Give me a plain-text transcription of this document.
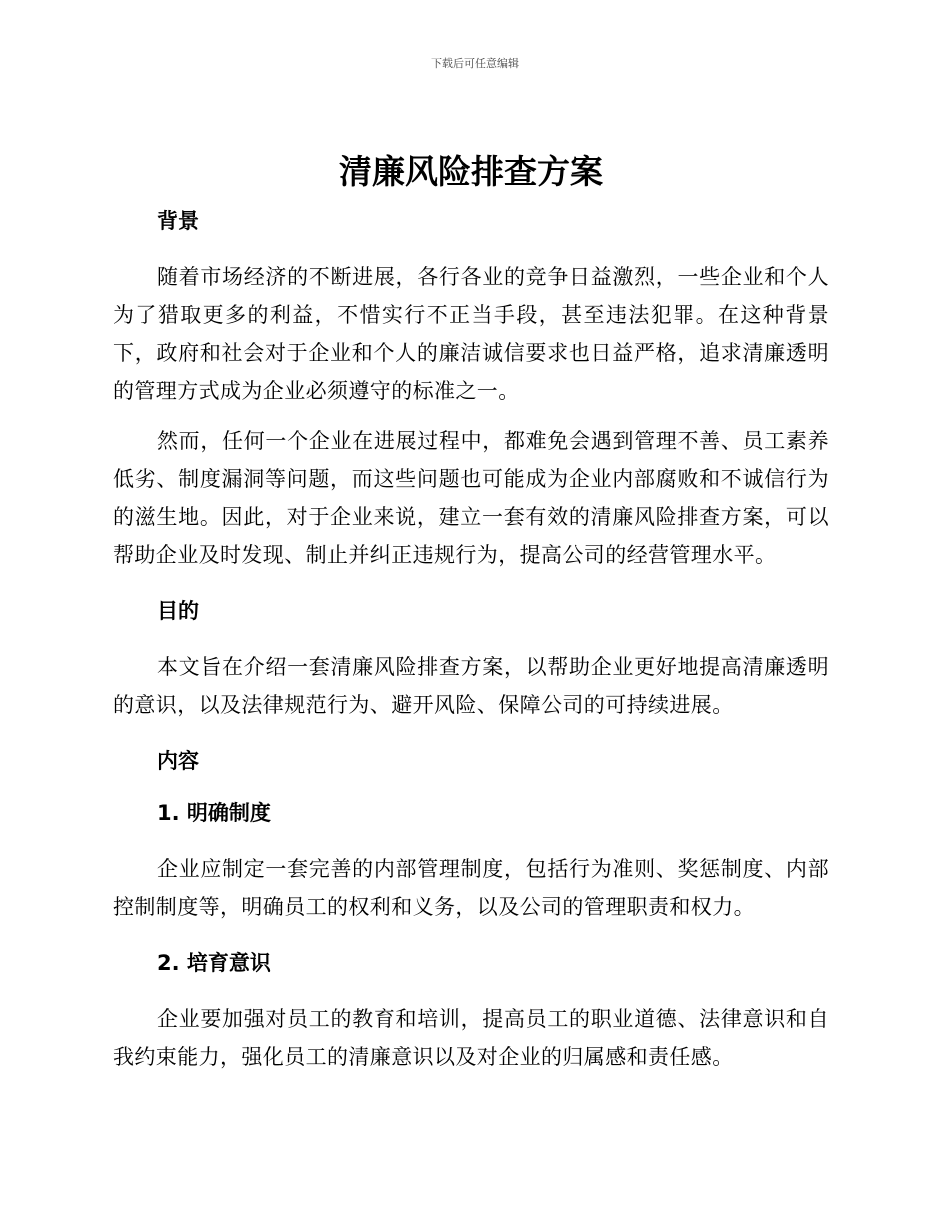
下载后可任意编辑
清廉风险排查方案
背景

随着市场经济的不断进展，各行各业的竞争日益激烈，一些企业和个人为了猎取更多的利益，不惜实行不正当手段，甚至违法犯罪。在这种背景下，政府和社会对于企业和个人的廉洁诚信要求也日益严格，追求清廉透明的管理方式成为企业必须遵守的标准之一。

然而，任何一个企业在进展过程中，都难免会遇到管理不善、员工素养低劣、制度漏洞等问题，而这些问题也可能成为企业内部腐败和不诚信行为的滋生地。因此，对于企业来说，建立一套有效的清廉风险排查方案，可以帮助企业及时发现、制止并纠正违规行为，提高公司的经营管理水平。

目的

本文旨在介绍一套清廉风险排查方案，以帮助企业更好地提高清廉透明的意识，以及法律规范行为、避开风险、保障公司的可持续进展。

内容
1. 明确制度

企业应制定一套完善的内部管理制度，包括行为准则、奖惩制度、内部控制制度等，明确员工的权利和义务，以及公司的管理职责和权力。

2. 培育意识

企业要加强对员工的教育和培训，提高员工的职业道德、法律意识和自我约束能力，强化员工的清廉意识以及对企业的归属感和责任感。
